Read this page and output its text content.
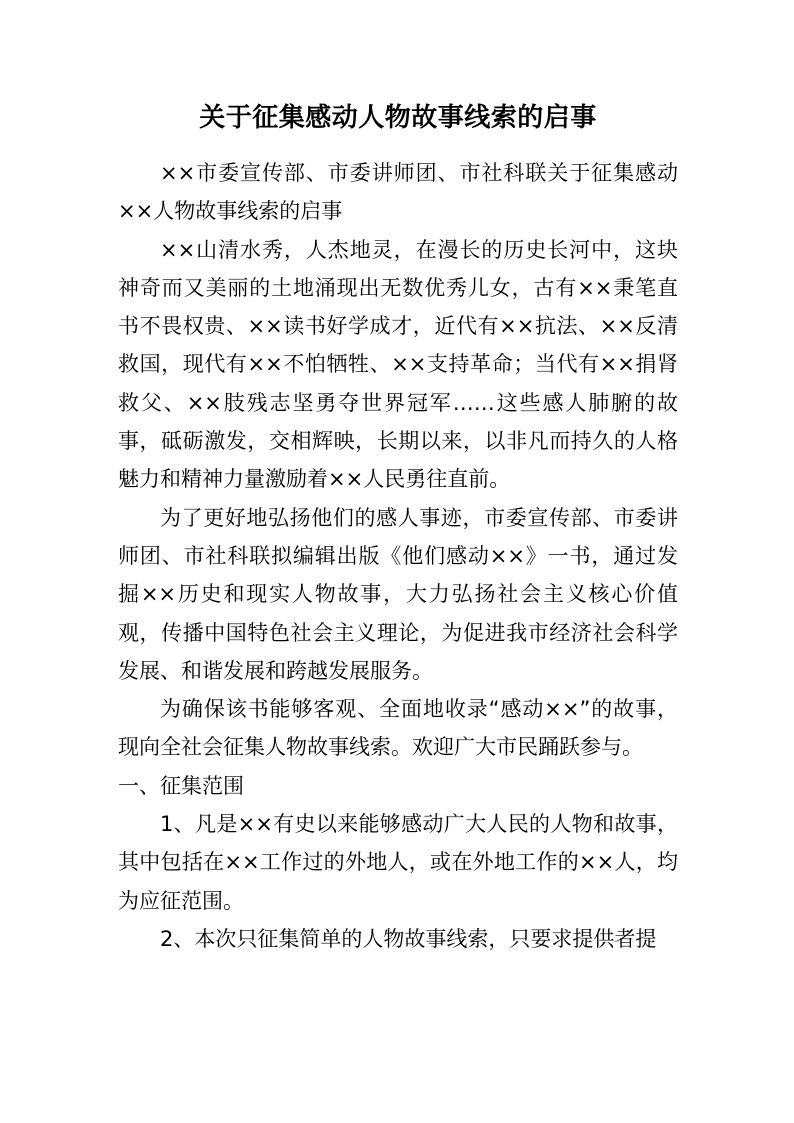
关于征集感动人物故事线索的启事

××市委宣传部、市委讲师团、市社科联关于征集感动××人物故事线索的启事

××山清水秀，人杰地灵，在漫长的历史长河中，这块神奇而又美丽的土地涌现出无数优秀儿女，古有××秉笔直书不畏权贵、××读书好学成才，近代有××抗法、××反清救国，现代有××不怕牺牲、××支持革命；当代有××捐肾救父、××肢残志坚勇夺世界冠军……这些感人肺腑的故事，砥砺激发，交相辉映，长期以来，以非凡而持久的人格魅力和精神力量激励着××人民勇往直前。

为了更好地弘扬他们的感人事迹，市委宣传部、市委讲师团、市社科联拟编辑出版《他们感动××》一书，通过发掘××历史和现实人物故事，大力弘扬社会主义核心价值观，传播中国特色社会主义理论，为促进我市经济社会科学发展、和谐发展和跨越发展服务。

为确保该书能够客观、全面地收录“感动××”的故事，现向全社会征集人物故事线索。欢迎广大市民踊跃参与。

一、征集范围

1、凡是××有史以来能够感动广大人民的人物和故事，其中包括在××工作过的外地人，或在外地工作的××人，均为应征范围。

2、本次只征集简单的人物故事线索，只要求提供者提
